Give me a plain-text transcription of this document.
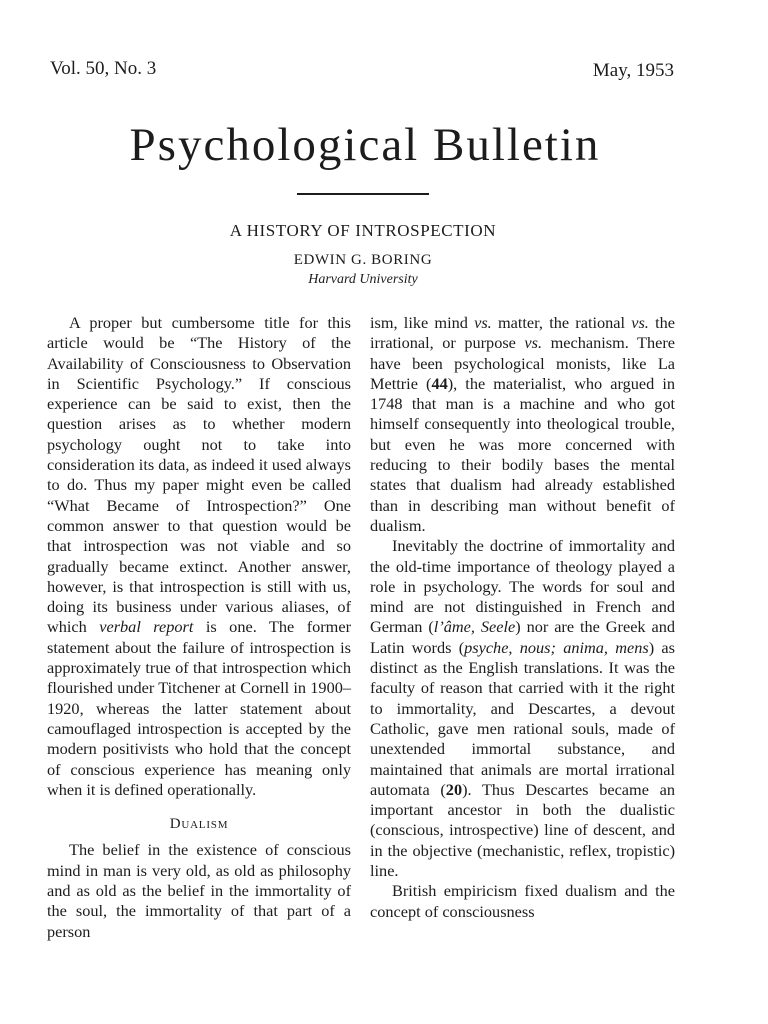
Vol. 50, No. 3	May, 1953
Psychological Bulletin
A HISTORY OF INTROSPECTION
EDWIN G. BORING
Harvard University

A proper but cumbersome title for this article would be “The History of the Availability of Consciousness to Observation in Scientific Psychology.” If conscious experience can be said to exist, then the question arises as to whether modern psychology ought not to take into consideration its data, as indeed it used always to do. Thus my paper might even be called “What Became of Introspection?” One common answer to that question would be that introspection was not viable and so gradually became extinct. Another answer, however, is that introspection is still with us, doing its business under various aliases, of which verbal report is one. The former statement about the failure of introspection is approximately true of that introspection which flourished under Titchener at Cornell in 1900–1920, whereas the latter statement about camouflaged introspection is accepted by the modern positivists who hold that the concept of conscious experience has meaning only when it is defined operationally.

Dualism

The belief in the existence of conscious mind in man is very old, as old as philosophy and as old as the belief in the immortality of the soul, the immortality of that part of a person

ism, like mind vs. matter, the rational vs. the irrational, or purpose vs. mechanism. There have been psychological monists, like La Mettrie (44), the materialist, who argued in 1748 that man is a machine and who got himself consequently into theological trouble, but even he was more concerned with reducing to their bodily bases the mental states that dualism had already established than in describing man without benefit of dualism.

Inevitably the doctrine of immortality and the old-time importance of theology played a role in psychology. The words for soul and mind are not distinguished in French and German (l’âme, Seele) nor are the Greek and Latin words (psyche, nous; anima, mens) as distinct as the English translations. It was the faculty of reason that carried with it the right to immortality, and Descartes, a devout Catholic, gave men rational souls, made of unextended immortal substance, and maintained that animals are mortal irrational automata (20). Thus Descartes became an important ancestor in both the dualistic (conscious, introspective) line of descent, and in the objective (mechanistic, reflex, tropistic) line.

British empiricism fixed dualism and the concept of consciousness
